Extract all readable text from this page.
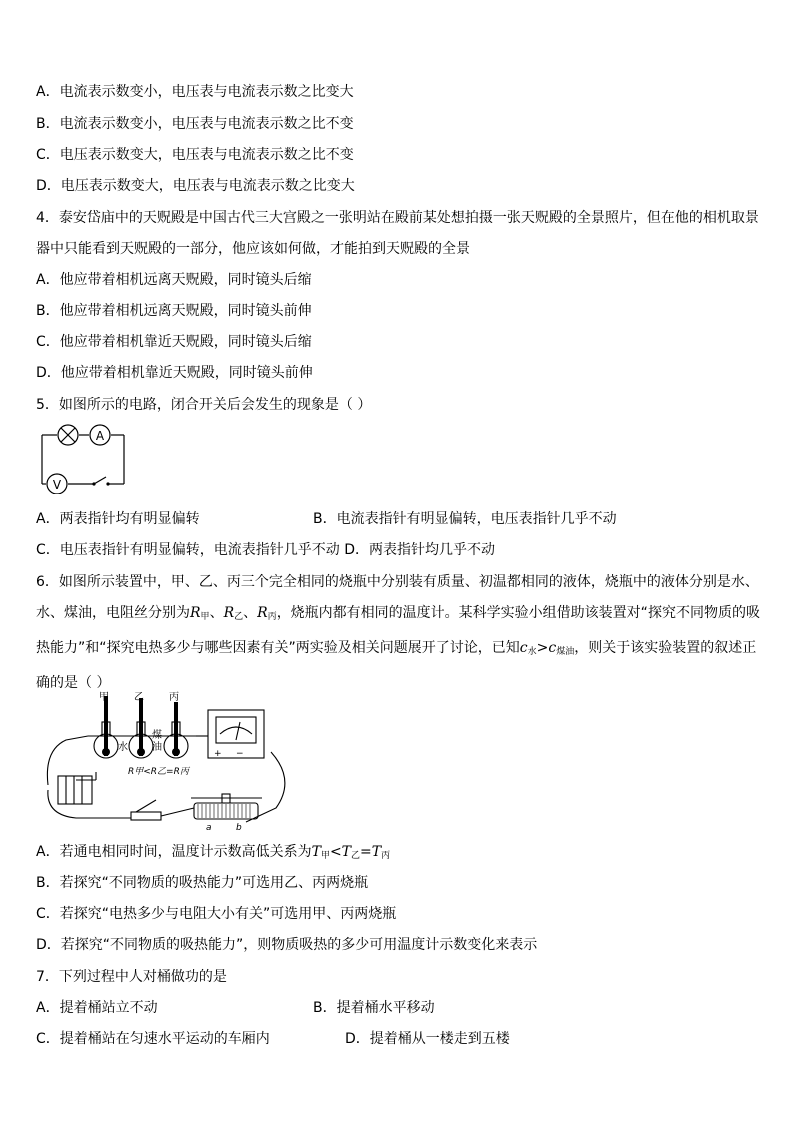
A．电流表示数变小，电压表与电流表示数之比变大
B．电流表示数变小，电压表与电流表示数之比不变
C．电压表示数变大，电压表与电流表示数之比不变
D．电压表示数变大，电压表与电流表示数之比变大
4．泰安岱庙中的天贶殿是中国古代三大宫殿之一张明站在殿前某处想拍摄一张天贶殿的全景照片，但在他的相机取景器中只能看到天贶殿的一部分，他应该如何做，才能拍到天贶殿的全景
A．他应带着相机远离天贶殿，同时镜头后缩
B．他应带着相机远离天贶殿，同时镜头前伸
C．他应带着相机靠近天贶殿，同时镜头后缩
D．他应带着相机靠近天贶殿，同时镜头前伸
5．如图所示的电路，闭合开关后会发生的现象是（ ）
A
V
A．两表指针均有明显偏转	B．电流表指针有明显偏转，电压表指针几乎不动
C．电压表指针有明显偏转，电流表指针几乎不动 D．两表指针均几乎不动
6．如图所示装置中，甲、乙、丙三个完全相同的烧瓶中分别装有质量、初温都相同的液体，烧瓶中的液体分别是水、水、煤油，电阻丝分别为$R_甲$、$R_乙$、$R_丙$，烧瓶内都有相同的温度计。某科学实验小组借助该装置对“探究不同物质的吸热能力”和“探究电热多少与哪些因素有关”两实验及相关问题展开了讨论，已知$c_水>c_{煤油}$，则关于该实验装置的叙述正确的是（ ）
甲	乙	丙
水
煤
油
R甲<R乙=R丙
+ −
a	b
A．若通电相同时间，温度计示数高低关系为$T_甲<T_乙=T_丙$
B．若探究“不同物质的吸热能力”可选用乙、丙两烧瓶
C．若探究“电热多少与电阻大小有关”可选用甲、丙两烧瓶
D．若探究“不同物质的吸热能力”，则物质吸热的多少可用温度计示数变化来表示
7．下列过程中人对桶做功的是
A．提着桶站立不动	B．提着桶水平移动
C．提着桶站在匀速水平运动的车厢内	D．提着桶从一楼走到五楼
